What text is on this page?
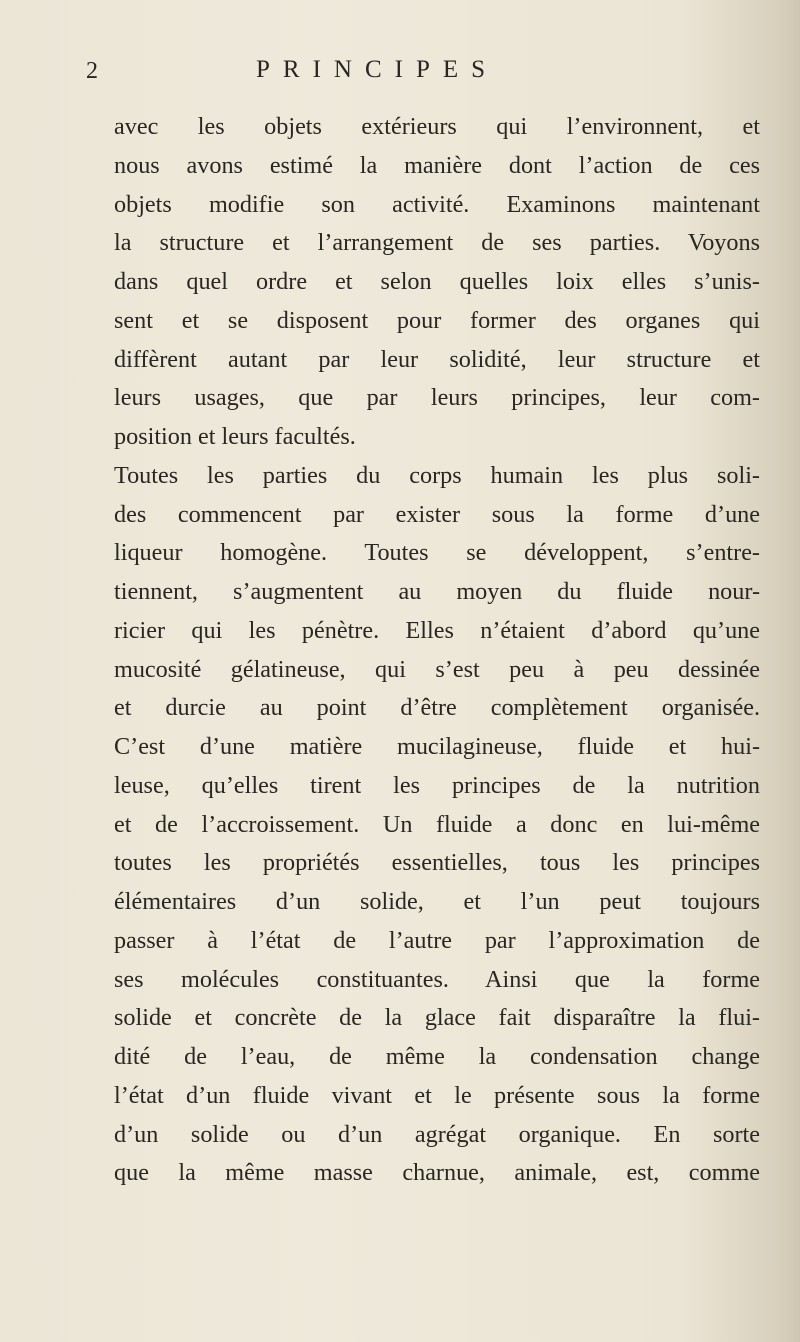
2	PRINCIPES
avec les objets extérieurs qui l’environnent, et
nous avons estimé la manière dont l’action de ces
objets modifie son activité. Examinons maintenant
la structure et l’arrangement de ses parties. Voyons
dans quel ordre et selon quelles loix elles s’unis-
sent et se disposent pour former des organes qui
diffèrent autant par leur solidité, leur structure et
leurs usages, que par leurs principes, leur com-
position et leurs facultés.
Toutes les parties du corps humain les plus soli-
des commencent par exister sous la forme d’une
liqueur homogène. Toutes se développent, s’entre-
tiennent, s’augmentent au moyen du fluide nour-
ricier qui les pénètre. Elles n’étaient d’abord qu’une
mucosité gélatineuse, qui s’est peu à peu dessinée
et durcie au point d’être complètement organisée.
C’est d’une matière mucilagineuse, fluide et hui-
leuse, qu’elles tirent les principes de la nutrition
et de l’accroissement. Un fluide a donc en lui-même
toutes les propriétés essentielles, tous les principes
élémentaires d’un solide, et l’un peut toujours
passer à l’état de l’autre par l’approximation de
ses molécules constituantes. Ainsi que la forme
solide et concrète de la glace fait disparaître la flui-
dité de l’eau, de même la condensation change
l’état d’un fluide vivant et le présente sous la forme
d’un solide ou d’un agrégat organique. En sorte
que la même masse charnue, animale, est, comme
